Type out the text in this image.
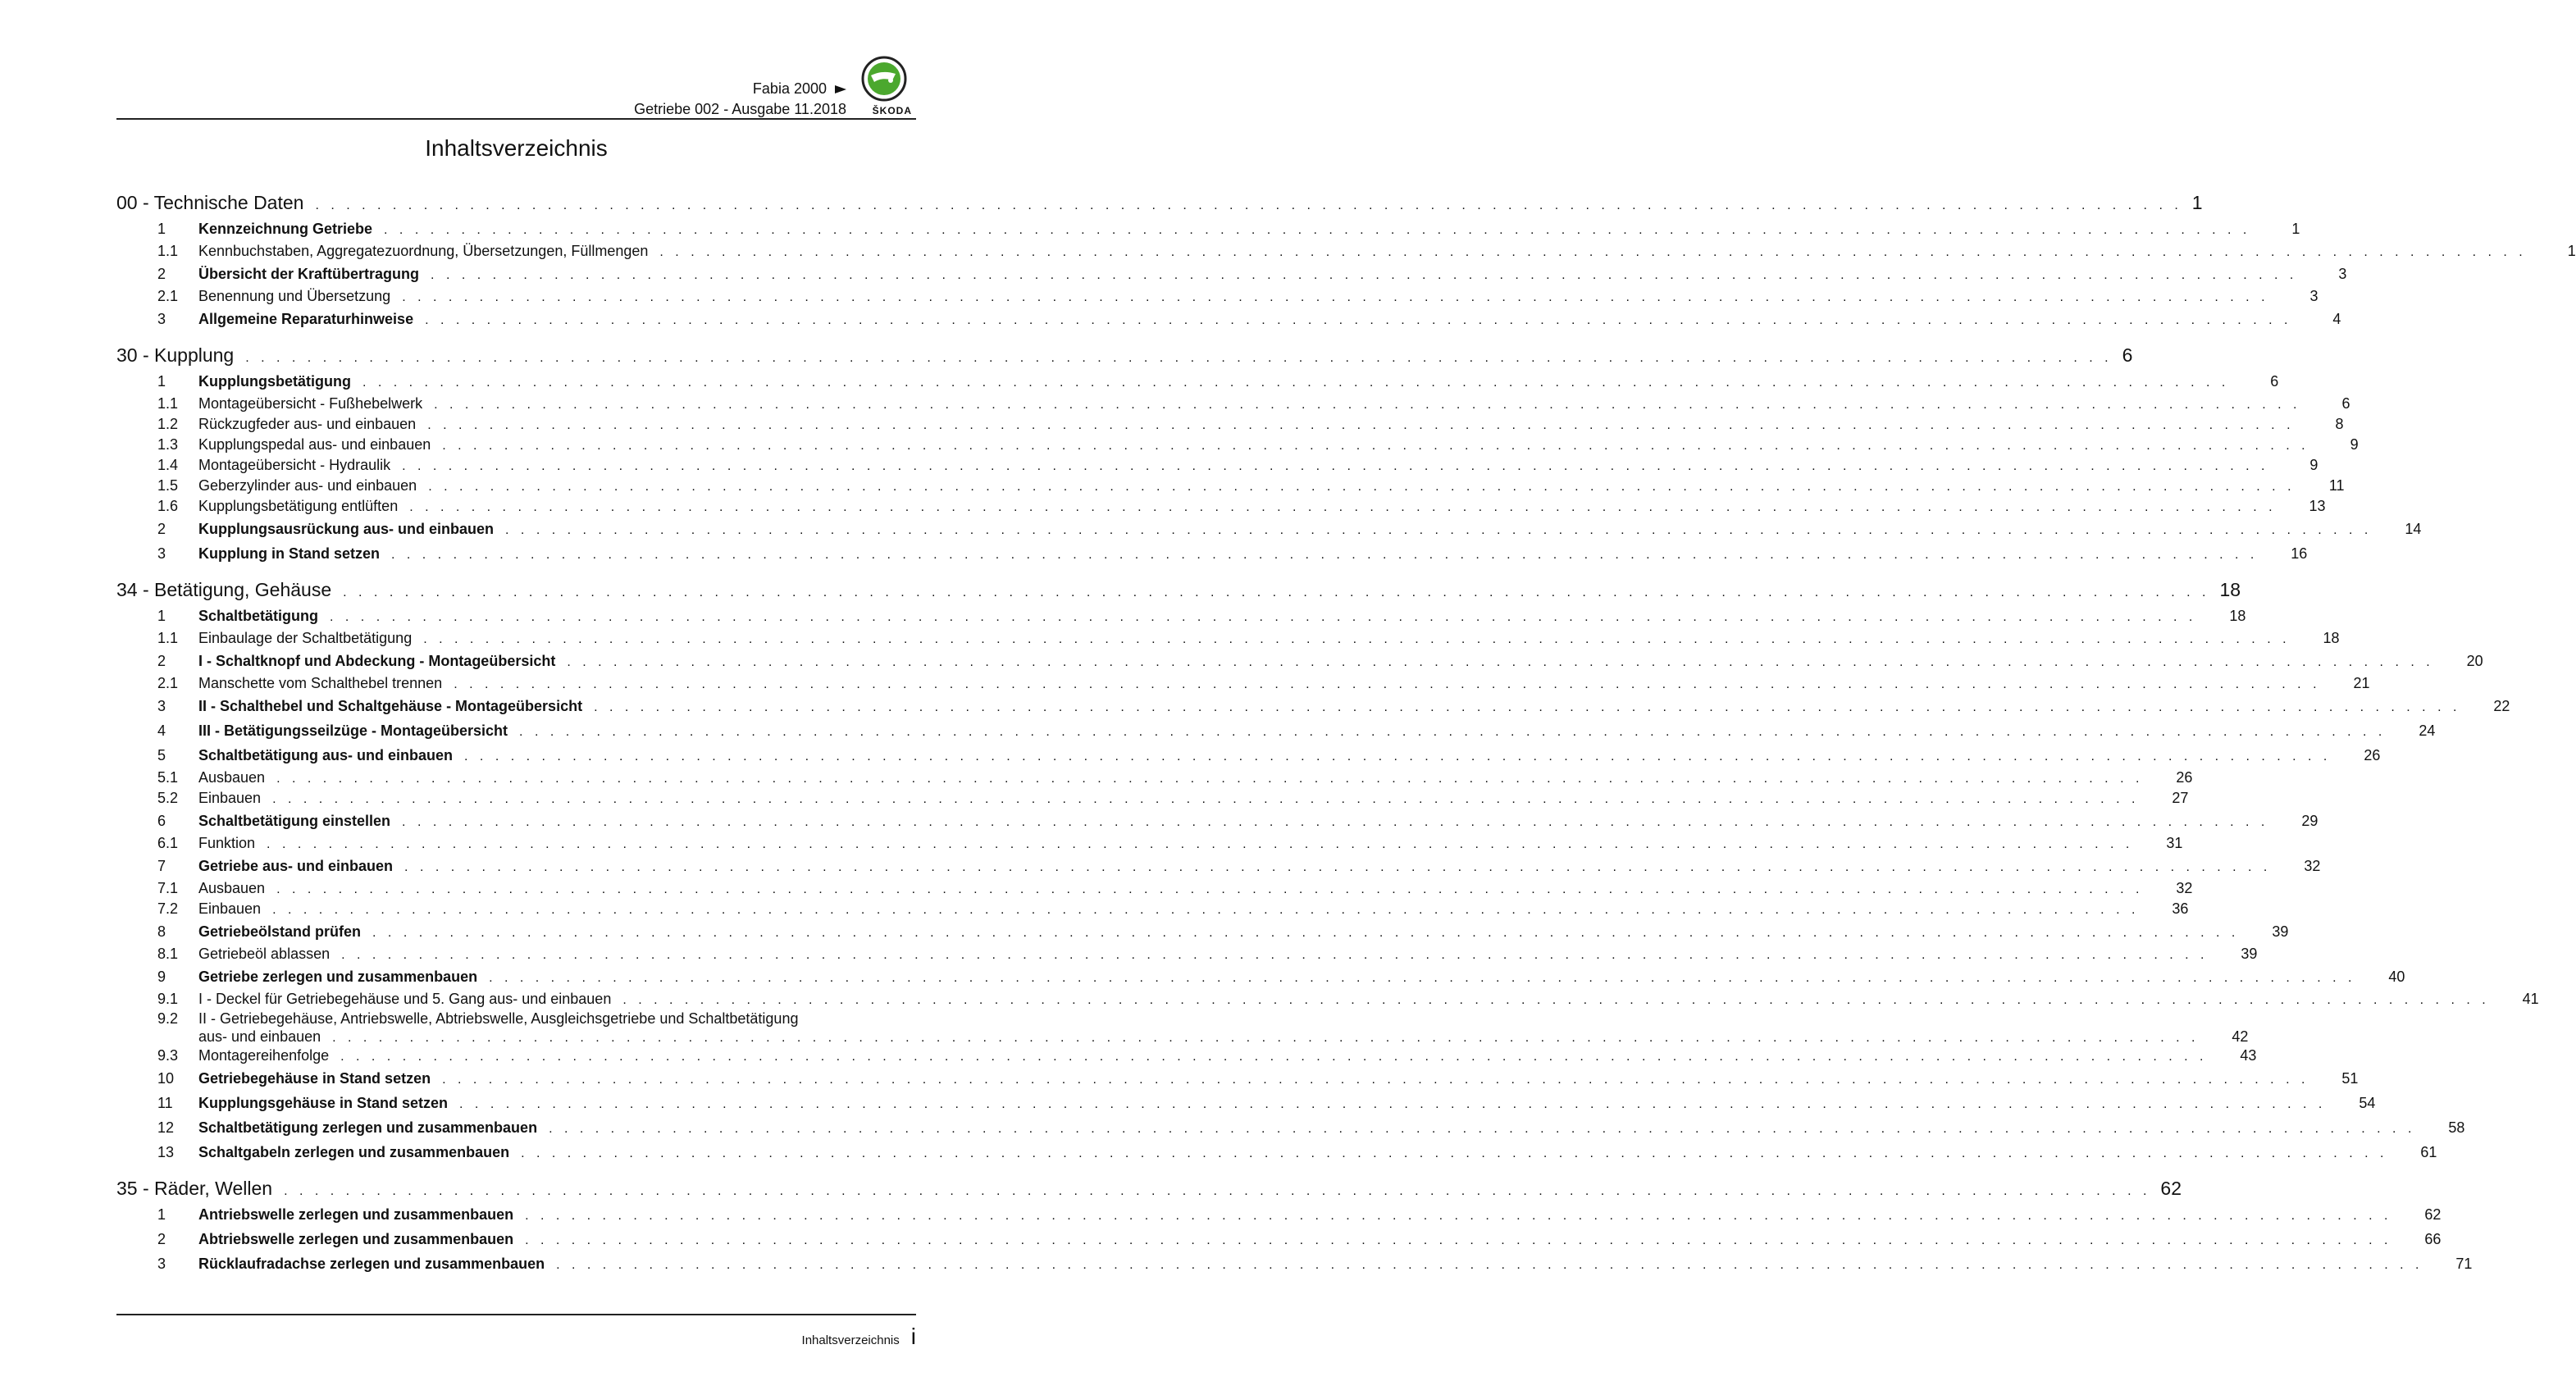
Fabia 2000
Getriebe 002 - Ausgabe 11.2018	ŠKODA
Inhaltsverzeichnis
00 - Technische Daten . . .	1
1	Kennzeichnung Getriebe . . .	1
1.1	Kennbuchstaben, Aggregatezuordnung, Übersetzungen, Füllmengen . . .	1
2	Übersicht der Kraftübertragung . . .	3
2.1	Benennung und Übersetzung . . .	3
3	Allgemeine Reparaturhinweise . . .	4
30 - Kupplung . . .	6
1	Kupplungsbetätigung . . .	6
1.1	Montageübersicht - Fußhebelwerk . . .	6
1.2	Rückzugfeder aus- und einbauen . . .	8
1.3	Kupplungspedal aus- und einbauen . . .	9
1.4	Montageübersicht - Hydraulik . . .	9
1.5	Geberzylinder aus- und einbauen . . .	11
1.6	Kupplungsbetätigung entlüften . . .	13
2	Kupplungsausrückung aus- und einbauen . . .	14
3	Kupplung in Stand setzen . . .	16
34 - Betätigung, Gehäuse . . .	18
1	Schaltbetätigung . . .	18
1.1	Einbaulage der Schaltbetätigung . . .	18
2	I - Schaltknopf und Abdeckung - Montageübersicht . . .	20
2.1	Manschette vom Schalthebel trennen . . .	21
3	II - Schalthebel und Schaltgehäuse - Montageübersicht . . .	22
4	III - Betätigungsseilzüge - Montageübersicht . . .	24
5	Schaltbetätigung aus- und einbauen . . .	26
5.1	Ausbauen . . .	26
5.2	Einbauen . . .	27
6	Schaltbetätigung einstellen . . .	29
6.1	Funktion . . .	31
7	Getriebe aus- und einbauen . . .	32
7.1	Ausbauen . . .	32
7.2	Einbauen . . .	36
8	Getriebeölstand prüfen . . .	39
8.1	Getriebeöl ablassen . . .	39
9	Getriebe zerlegen und zusammenbauen . . .	40
9.1	I - Deckel für Getriebegehäuse und 5. Gang aus- und einbauen . . .	41
9.2	II - Getriebegehäuse, Antriebswelle, Abtriebswelle, Ausgleichsgetriebe und Schaltbetätigung
aus- und einbauen . . .	42
9.3	Montagereihenfolge . . .	43
10	Getriebegehäuse in Stand setzen . . .	51
11	Kupplungsgehäuse in Stand setzen . . .	54
12	Schaltbetätigung zerlegen und zusammenbauen . . .	58
13	Schaltgabeln zerlegen und zusammenbauen . . .	61
35 - Räder, Wellen . . .	62
1	Antriebswelle zerlegen und zusammenbauen . . .	62
2	Abtriebswelle zerlegen und zusammenbauen . . .	66
3	Rücklaufradachse zerlegen und zusammenbauen . . .	71
Inhaltsverzeichnis i
